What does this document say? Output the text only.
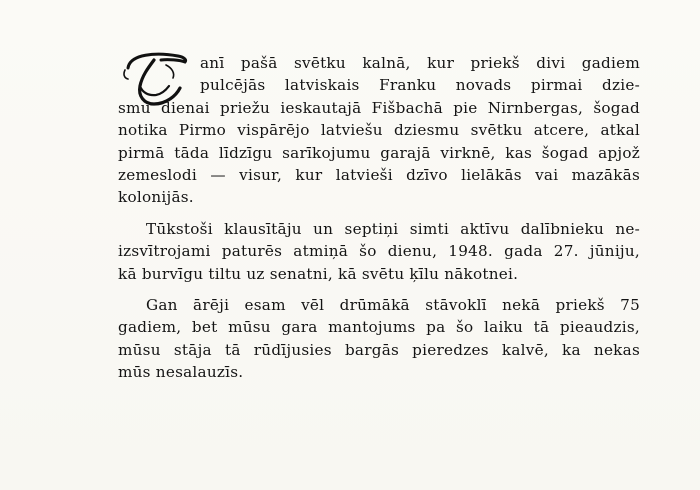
anī pašā svētku kalnā, kur priekš divi gadiem
pulcējās latviskais Franku novads pirmai dzie-
smu dienai priežu ieskautajā Fišbachā pie Nirnbergas, šogad
notika Pirmo vispārējo latviešu dziesmu svētku atcere, atkal
pirmā tāda līdzīgu sarīkojumu garajā virknē, kas šogad apjož
zemeslodi — visur, kur latvieši dzīvo lielākās vai mazākās
kolonijās.
Tūkstoši klausītāju un septiņi simti aktīvu dalībnieku ne-
izsvītrojami paturēs atmiņā šo dienu, 1948. gada 27. jūniju,
kā burvīgu tiltu uz senatni, kā svētu ķīlu nākotnei.
Gan ārēji esam vēl drūmākā stāvoklī nekā priekš 75
gadiem, bet mūsu gara mantojums pa šo laiku tā pieaudzis,
mūsu stāja tā rūdījusies bargās pieredzes kalvē, ka nekas
mūs nesalauzīs.
